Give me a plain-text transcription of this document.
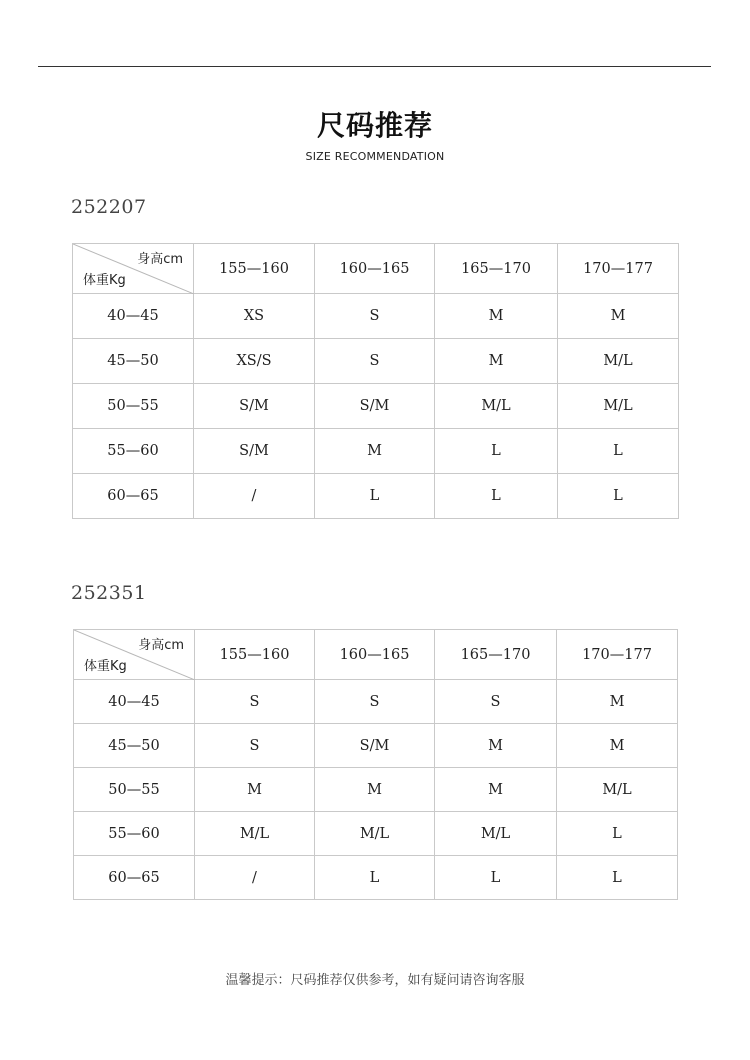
尺码推荐
SIZE RECOMMENDATION
252207
身高cm
体重Kg	155—160	160—165	165—170	170—177
40—45	XS	S	M	M
45—50	XS/S	S	M	M/L
50—55	S/M	S/M	M/L	M/L
55—60	S/M	M	L	L
60—65	/	L	L	L
252351
身高cm
体重Kg	155—160	160—165	165—170	170—177
40—45	S	S	S	M
45—50	S	S/M	M	M
50—55	M	M	M	M/L
55—60	M/L	M/L	M/L	L
60—65	/	L	L	L
温馨提示：尺码推荐仅供参考，如有疑问请咨询客服
